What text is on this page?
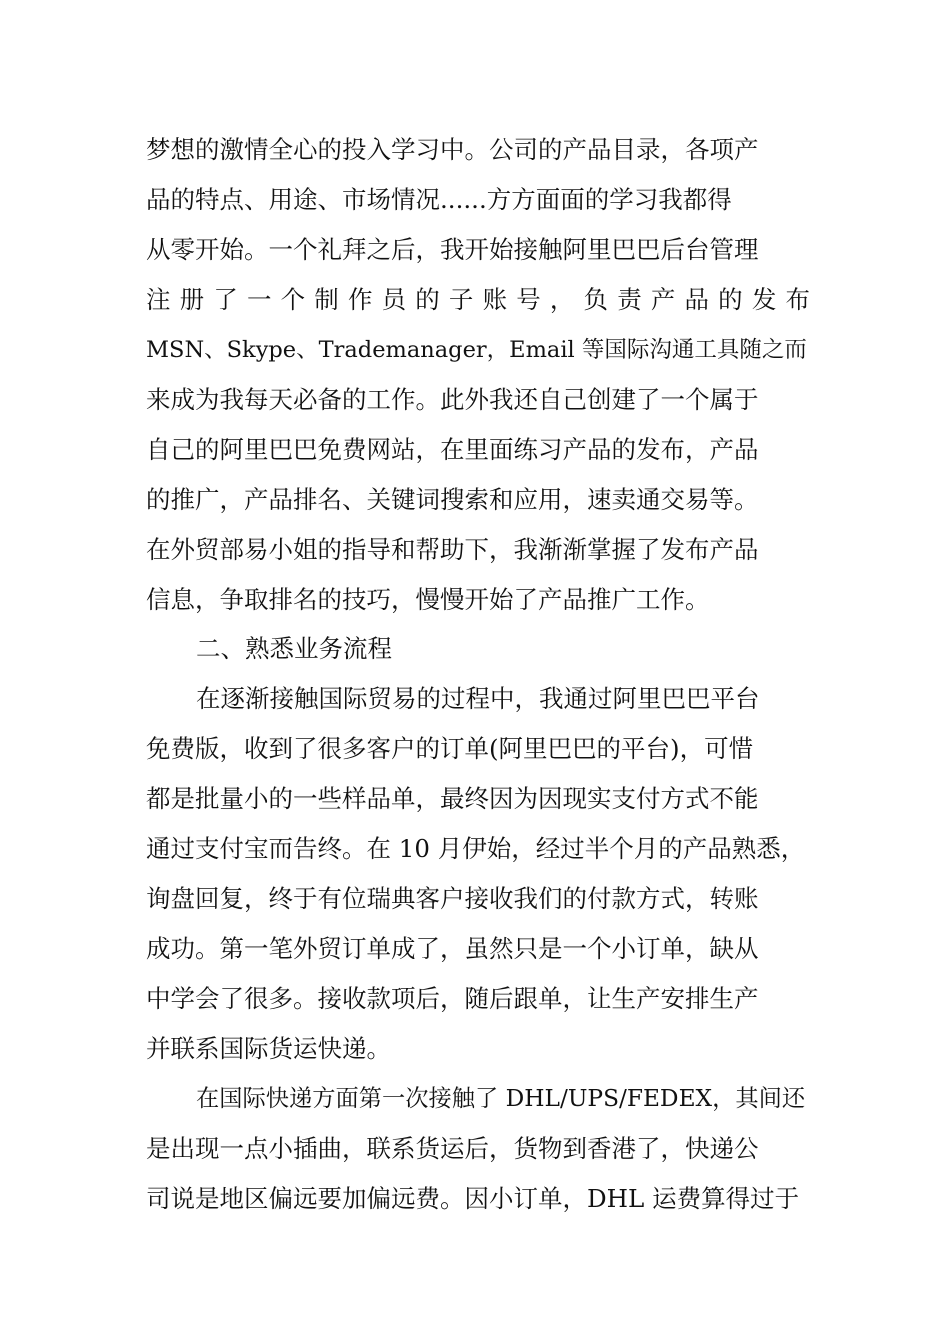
梦想的激情全心的投入学习中。公司的产品目录，各项产
品的特点、用途、市场情况......方方面面的学习我都得
从零开始。一个礼拜之后，我开始接触阿里巴巴后台管理
注册了一个制作员的子账号，负责产品的发布
MSN、Skype、Trademanager，Email 等国际沟通工具随之而
来成为我每天必备的工作。此外我还自己创建了一个属于
自己的阿里巴巴免费网站，在里面练习产品的发布，产品
的推广，产品排名、关键词搜索和应用，速卖通交易等。
在外贸部易小姐的指导和帮助下，我渐渐掌握了发布产品
信息，争取排名的技巧，慢慢开始了产品推广工作。
二、熟悉业务流程
在逐渐接触国际贸易的过程中，我通过阿里巴巴平台
免费版，收到了很多客户的订单(阿里巴巴的平台)，可惜
都是批量小的一些样品单，最终因为因现实支付方式不能
通过支付宝而告终。在 10 月伊始，经过半个月的产品熟悉，
询盘回复，终于有位瑞典客户接收我们的付款方式，转账
成功。第一笔外贸订单成了，虽然只是一个小订单，缺从
中学会了很多。接收款项后，随后跟单，让生产安排生产
并联系国际货运快递。
在国际快递方面第一次接触了 DHL/UPS/FEDEX，其间还
是出现一点小插曲，联系货运后，货物到香港了，快递公
司说是地区偏远要加偏远费。因小订单，DHL 运费算得过于
